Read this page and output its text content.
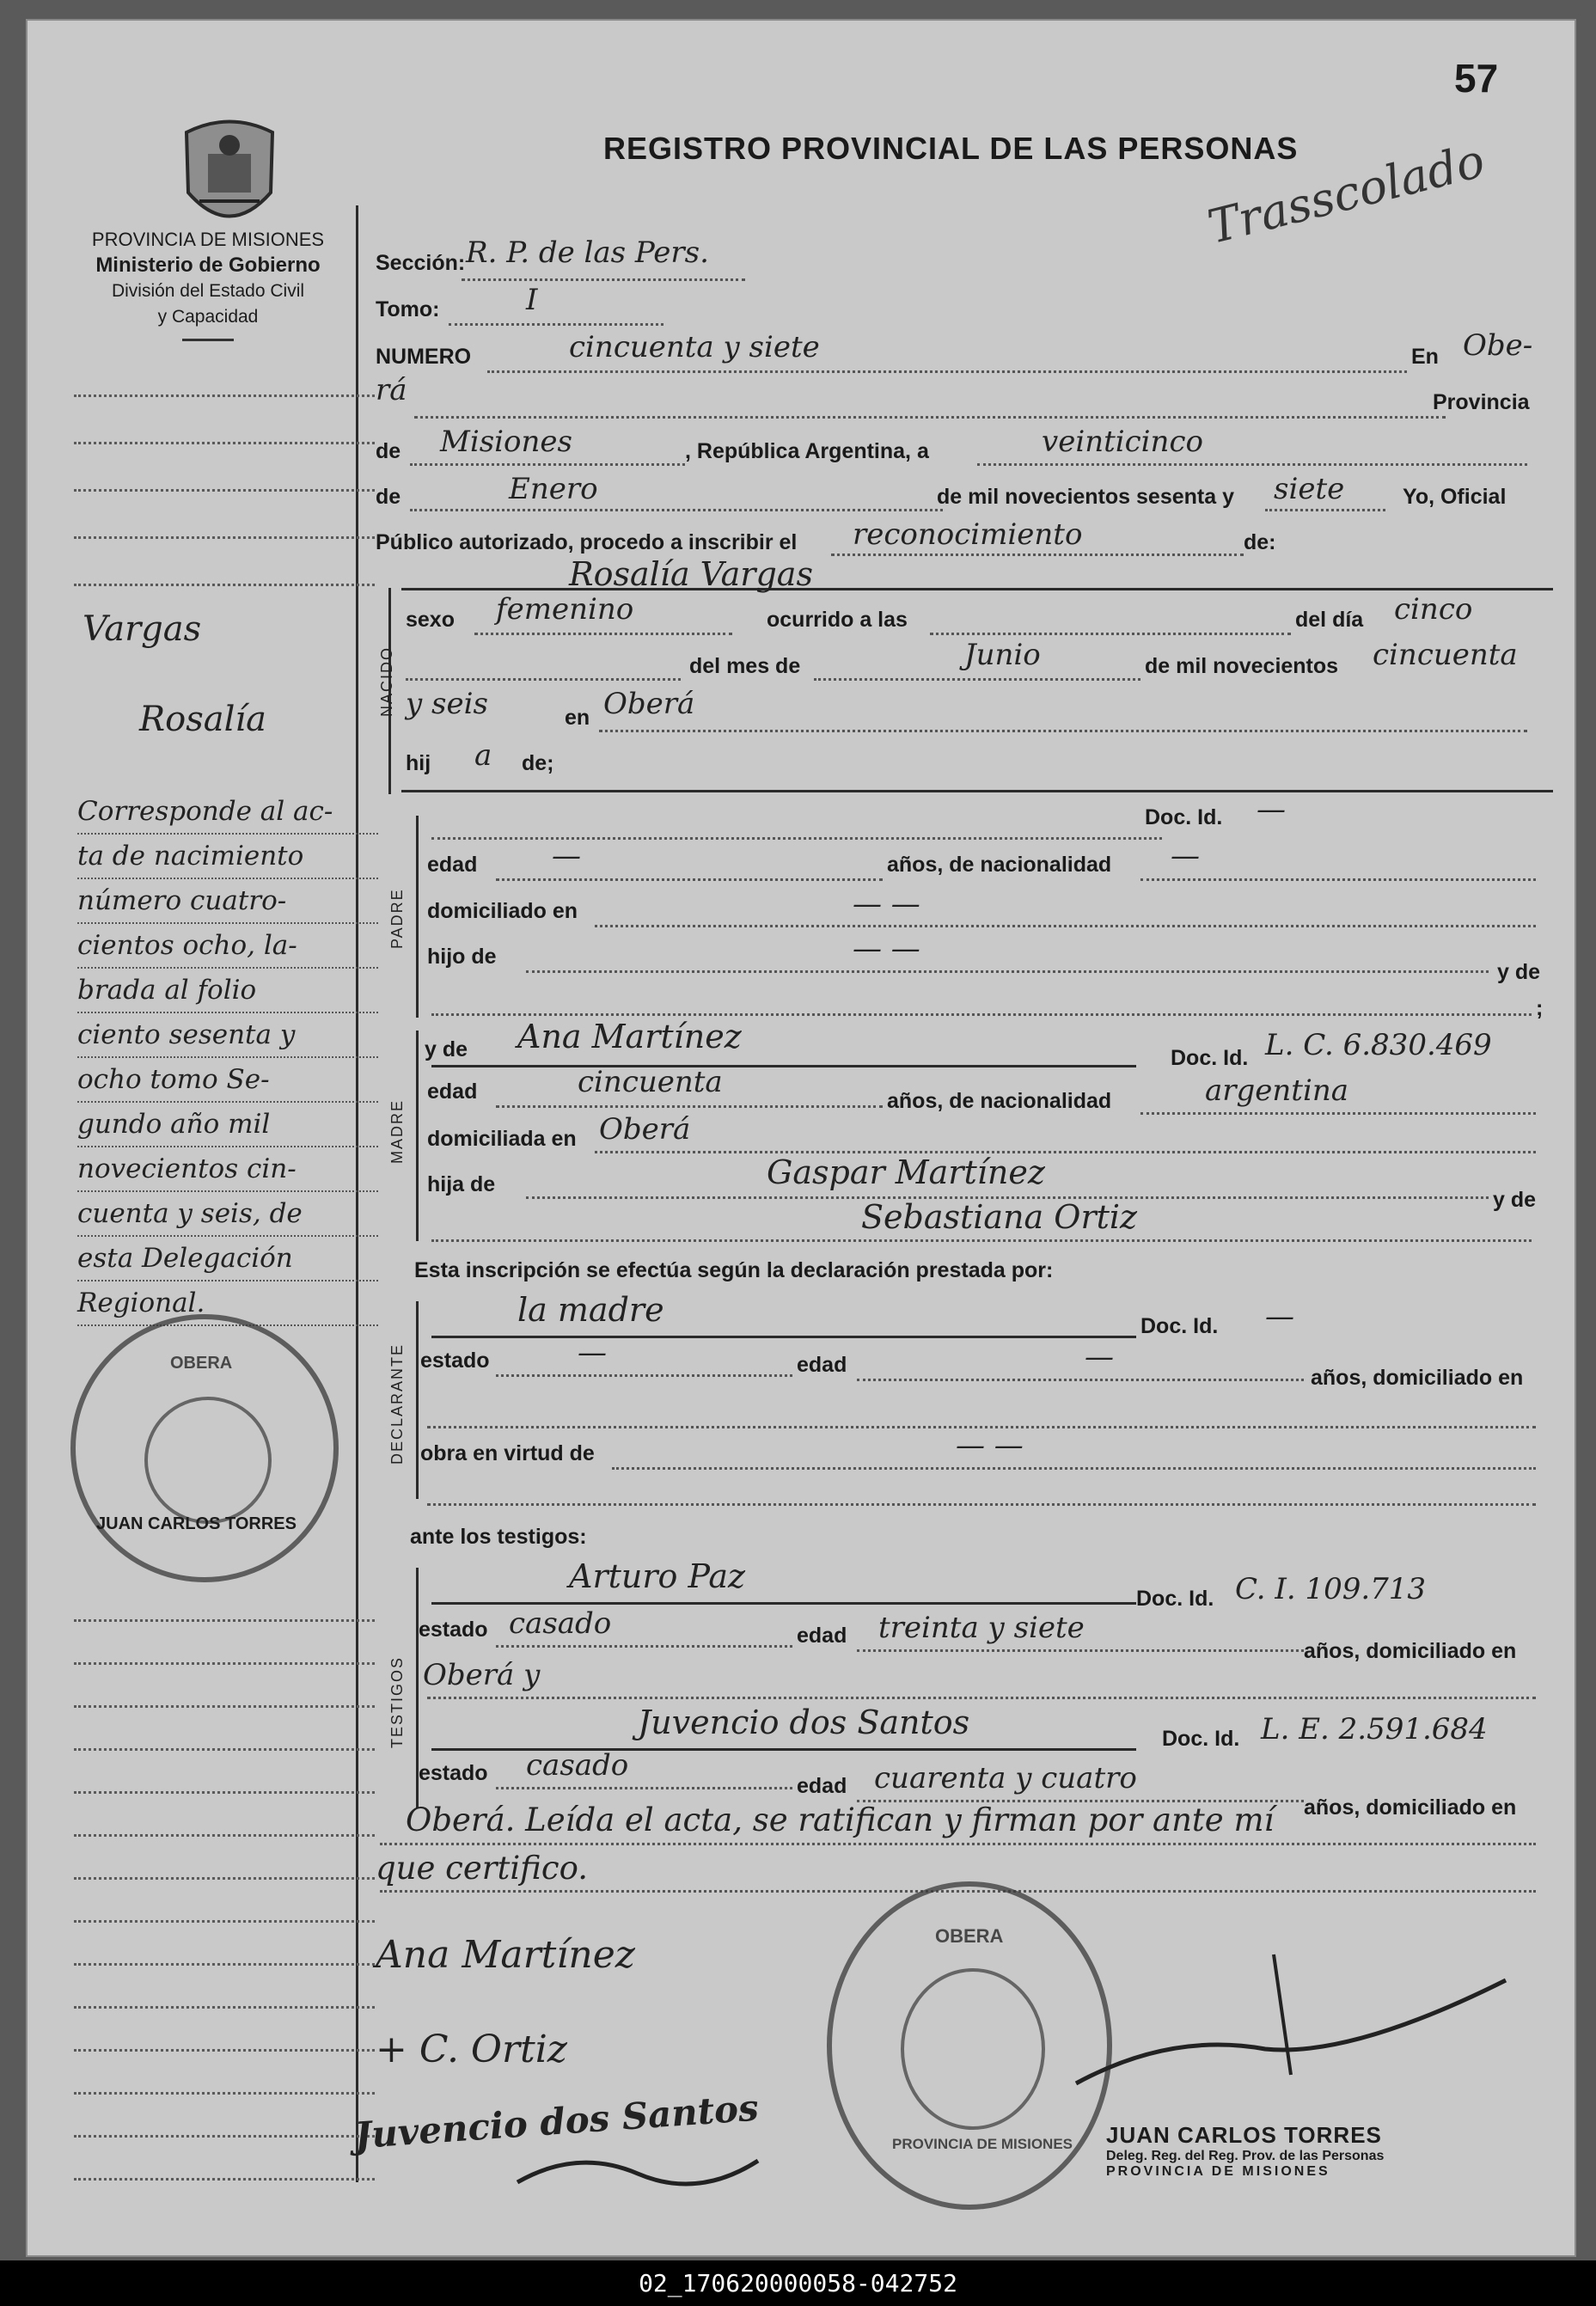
57
REGISTRO PROVINCIAL DE LAS PERSONAS
Trasscolado
PROVINCIA DE MISIONES
Ministerio de Gobierno
División del Estado Civil
y Capacidad
Vargas
Rosalía
Corresponde al ac-
ta de nacimiento
número cuatro-
cientos ocho, la-
brada al folio
ciento sesenta y
ocho tomo Se-
gundo año mil
novecientos cin-
cuenta y seis, de
esta Delegación
Regional.
OBERA
JUAN CARLOS TORRES
Sección: R. P. de las Pers.
Tomo:	I
NUMERO	cincuenta y siete	En Obe-
rá	Provincia
de Misiones	, República Argentina, a	veinticinco
de	Enero	de mil novecientos sesenta y siete	Yo, Oficial
Público autorizado, procedo a inscribir el reconocimiento	de:
NACIDO
Rosalía Vargas
sexo femenino	ocurrido a las	del día cinco
del mes de	Junio	de mil novecientos cincuenta
y seis	en Oberá
hij a de;
PADRE
Doc. Id. —
edad	—	años, de nacionalidad —
domiciliado en	— —
hijo de	— —
y de
;
MADRE
y de Ana Martínez
Doc. Id. L. C. 6.830.469
edad	cincuenta
años, de nacionalidad	argentina
domiciliada en Oberá
hija de	Gaspar Martínez
y de
Sebastiana Ortiz
Esta inscripción se efectúa según la declaración prestada por:
DECLARANTE
la madre	Doc. Id. —
estado	—	edad	—
años, domiciliado en
obra en virtud de	— —
ante los testigos:
TESTIGOS
Arturo Paz
Doc. Id. C. I. 109.713
estado casado	edad treinta y siete
años, domiciliado en
Oberá y
Juvencio dos Santos	Doc. Id. L. E. 2.591.684
estado casado
edad cuarenta y cuatro
años, domiciliado en
Oberá. Leída el acta, se ratifican y firman por ante mí
que certifico.
Ana Martínez
+ C. Ortiz
Juvencio dos Santos
OBERA
PROVINCIA DE MISIONES JUAN CARLOS TORRES
Deleg. Reg. del Reg. Prov. de las Personas
PROVINCIA DE MISIONES
02_170620000058-042752
